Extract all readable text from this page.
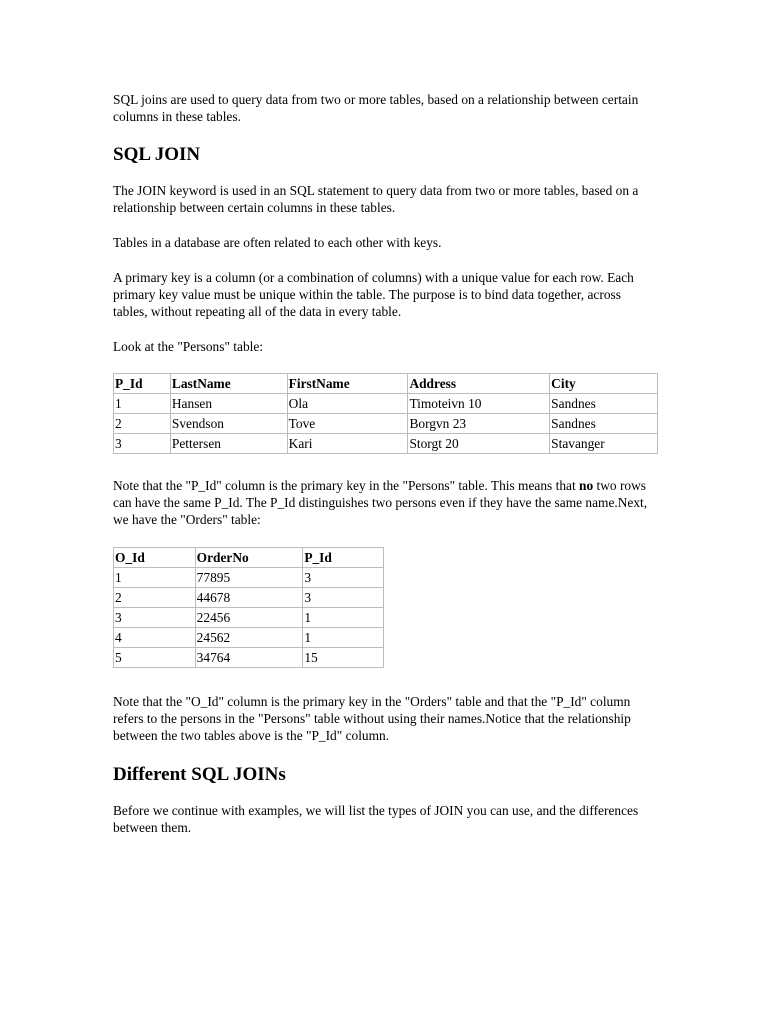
SQL joins are used to query data from two or more tables, based on a relationship between certain columns in these tables.

SQL JOIN

The JOIN keyword is used in an SQL statement to query data from two or more tables, based on a relationship between certain columns in these tables.

Tables in a database are often related to each other with keys.

A primary key is a column (or a combination of columns) with a unique value for each row. Each primary key value must be unique within the table. The purpose is to bind data together, across tables, without repeating all of the data in every table.

Look at the "Persons" table:

P_Id	LastName	FirstName	Address	City
1	Hansen	Ola	Timoteivn 10	Sandnes
2	Svendson	Tove	Borgvn 23	Sandnes
3	Pettersen	Kari	Storgt 20	Stavanger

Note that the "P_Id" column is the primary key in the "Persons" table. This means that no two rows can have the same P_Id. The P_Id distinguishes two persons even if they have the same name.Next, we have the "Orders" table:

O_Id	OrderNo	P_Id
1	77895	3
2	44678	3
3	22456	1
4	24562	1
5	34764	15

Note that the "O_Id" column is the primary key in the "Orders" table and that the "P_Id" column refers to the persons in the "Persons" table without using their names.Notice that the relationship between the two tables above is the "P_Id" column.

Different SQL JOINs

Before we continue with examples, we will list the types of JOIN you can use, and the differences between them.
